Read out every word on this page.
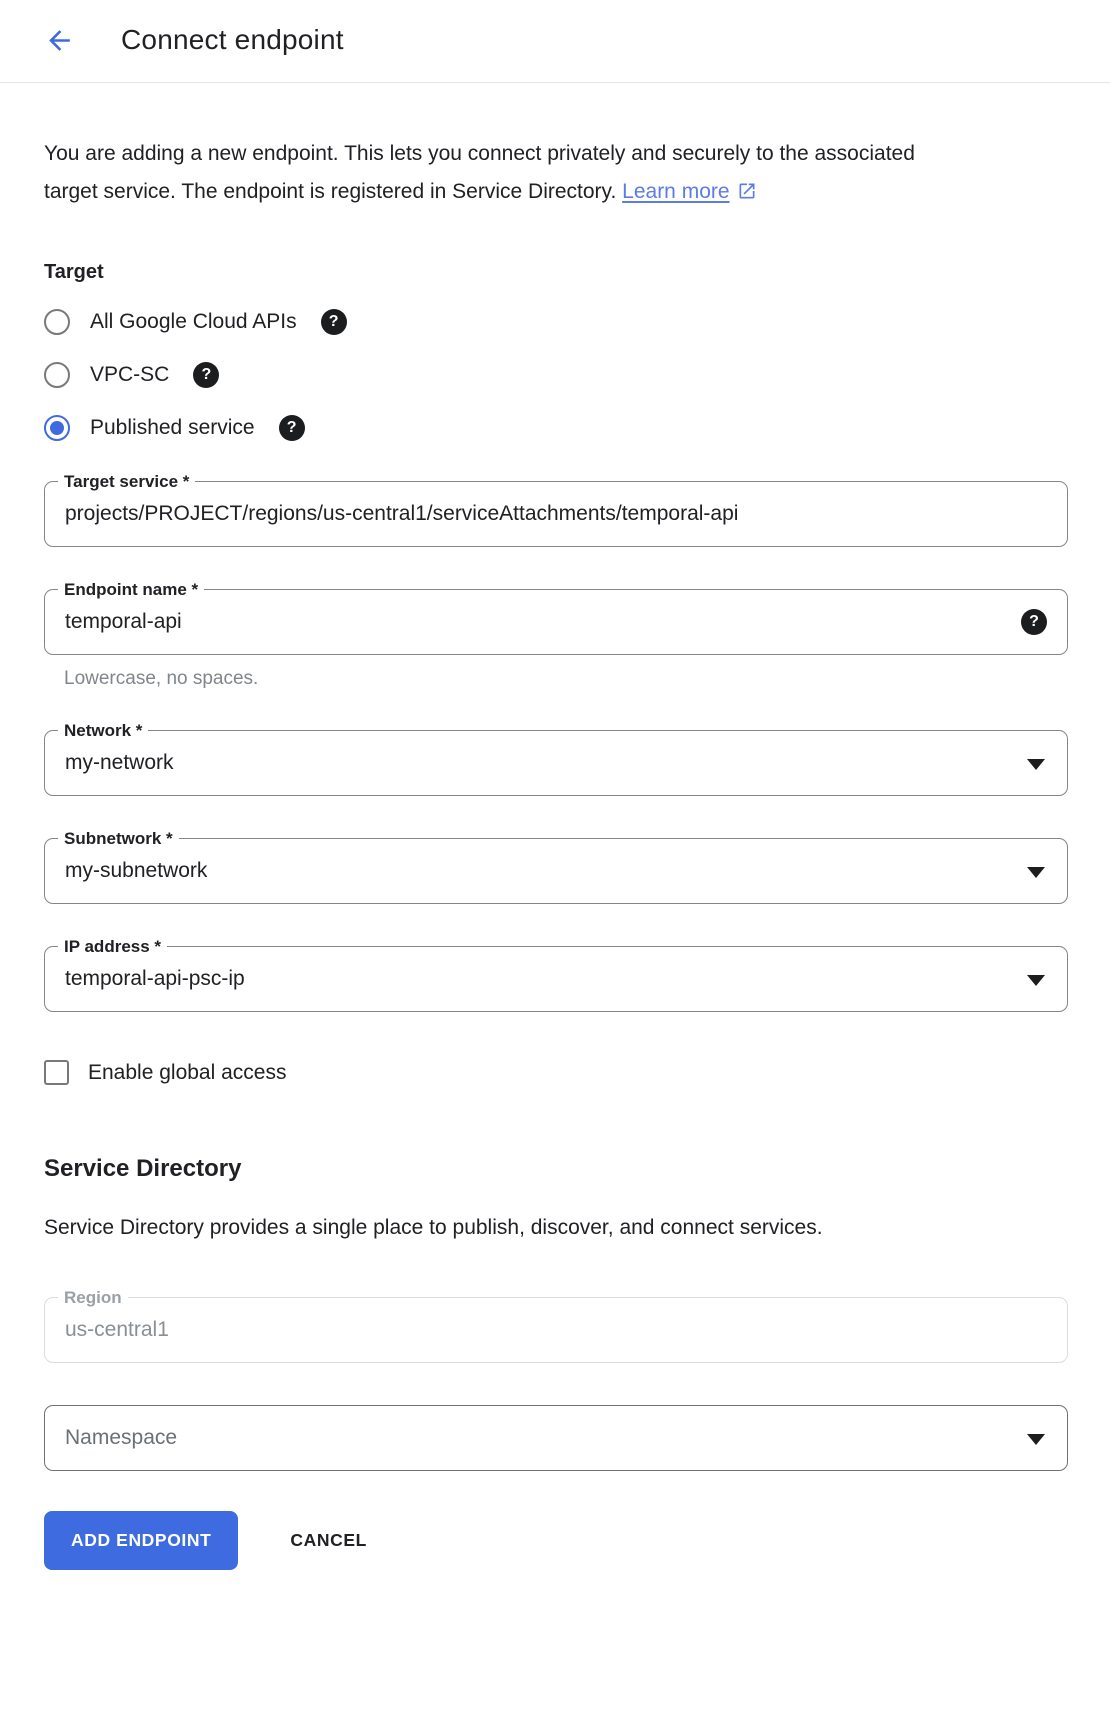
Connect endpoint

You are adding a new endpoint. This lets you connect privately and securely to the associated target service. The endpoint is registered in Service Directory. Learn more

Target
All Google Cloud APIs ?
VPC-SC ?
Published service ?
Target service *
projects/PROJECT/regions/us-central1/serviceAttachments/temporal-api
Endpoint name *
temporal-api	?
Lowercase, no spaces.
Network *
my-network
Subnetwork *
my-subnetwork
IP address *
temporal-api-psc-ip
Enable global access
Service Directory

Service Directory provides a single place to publish, discover, and connect services.

Region
us-central1
Namespace
ADD ENDPOINT	CANCEL
